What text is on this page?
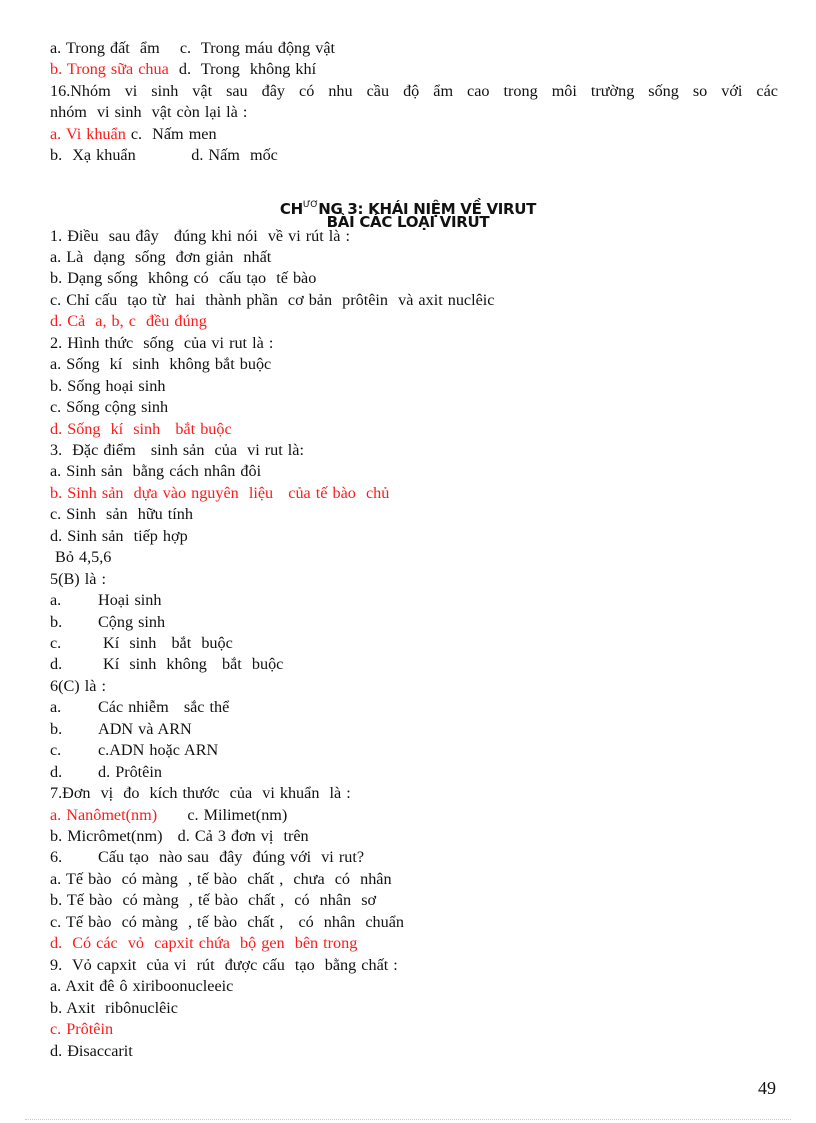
a. Trong đất  ẩm c.  Trong máu động vật
b. Trong sữa chua d.  Trong  không khí
16.Nhóm vi sinh vật sau đây có nhu cầu độ ẩm cao trong môi trường sống so với các
nhóm  vi sinh  vật còn lại là :
a. Vi khuẩn c.  Nấm men
b.  Xạ khuẩn	d. Nấm  mốc
$CH^{ƯƠ}NG$ 3: KHÁI NIỆM VỀ VIRUT
BÀI CÁC LOẠI VIRUT
1. Điều  sau đây   đúng khi nói  về vi rút là :
a. Là  dạng  sống  đơn giản  nhất
b. Dạng sống  không có  cấu tạo  tế bào
c. Chỉ cấu  tạo từ  hai  thành phần  cơ bản  prôtêin  và axit nuclêic
d. Cả  a, b, c  đều đúng
2. Hình thức  sống  của vi rut là :
a. Sống  kí  sinh  không bắt buộc
b. Sống hoại sinh
c. Sống cộng sinh
d. Sống  kí  sinh   bắt buộc
3.  Đặc điểm   sinh sản  của  vi rut là:
a. Sinh sản  bằng cách nhân đôi
b. Sinh sản  dựa vào nguyên  liệu   của tế bào  chủ
c. Sinh  sản  hữu tính
d. Sinh sản  tiếp hợp
Bỏ 4,5,6
5(B) là :
a. Hoại sinh
b. Cộng sinh
c. Kí  sinh   bắt  buộc
d. Kí  sinh  không   bắt  buộc
6(C) là :
a. Các nhiễm   sắc thể
b. ADN và ARN
c. c.ADN hoặc ARN
d. d. Prôtêin
7.Đơn  vị  đo  kích thước  của  vi khuẩn  là :
a. Nanômet(nm) c. Milimet(nm)
b. Micrômet(nm) d. Cả 3 đơn vị  trên
6. Cấu tạo  nào sau  đây  đúng với  vi rut?
a. Tế bào  có màng  , tế bào  chất ,  chưa  có  nhân
b. Tế bào  có màng  , tế bào  chất ,  có  nhân  sơ
c. Tế bào  có màng  , tế bào  chất ,   có  nhân  chuẩn
d.  Có các  vỏ  capxit chứa  bộ gen  bên trong
9.  Vỏ capxit  của vi  rút  được cấu  tạo  bằng chất :
a. Axit đê ô xiriboonucleeic
b. Axit  ribônuclêic
c. Prôtêin
d. Đisaccarit
49
